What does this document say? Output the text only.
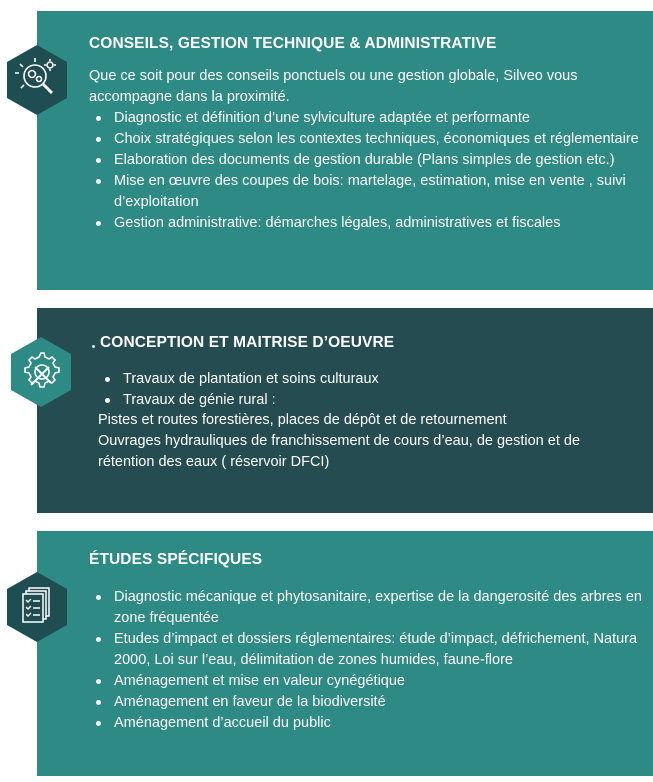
CONSEILS, GESTION TECHNIQUE & ADMINISTRATIVE
Que ce soit pour des conseils ponctuels ou une gestion globale, Silveo vous accompagne dans la proximité.
Diagnostic et définition d’une sylviculture adaptée et performante
Choix stratégiques selon les contextes techniques, économiques et réglementaire
Elaboration des documents de gestion durable (Plans simples de gestion etc.)
Mise en œuvre des coupes de bois: martelage, estimation, mise en vente , suivi d’exploitation
Gestion administrative: démarches légales, administratives et fiscales
CONCEPTION ET MAITRISE D’OEUVRE
Travaux de plantation et soins culturaux
Travaux de génie rural :
Pistes et routes forestières, places de dépôt et de retournement
Ouvrages hydrauliques de franchissement de cours d’eau, de gestion et de rétention des eaux ( réservoir DFCI)
ÉTUDES SPÉCIFIQUES
Diagnostic mécanique et phytosanitaire, expertise de la dangerosité des arbres en zone fréquentée
Etudes d’impact et dossiers réglementaires: étude d’impact, défrichement, Natura 2000, Loi sur l’eau, délimitation de zones humides, faune-flore
Aménagement et mise en valeur cynégétique
Aménagement en faveur de la biodiversité
Aménagement d’accueil du public
